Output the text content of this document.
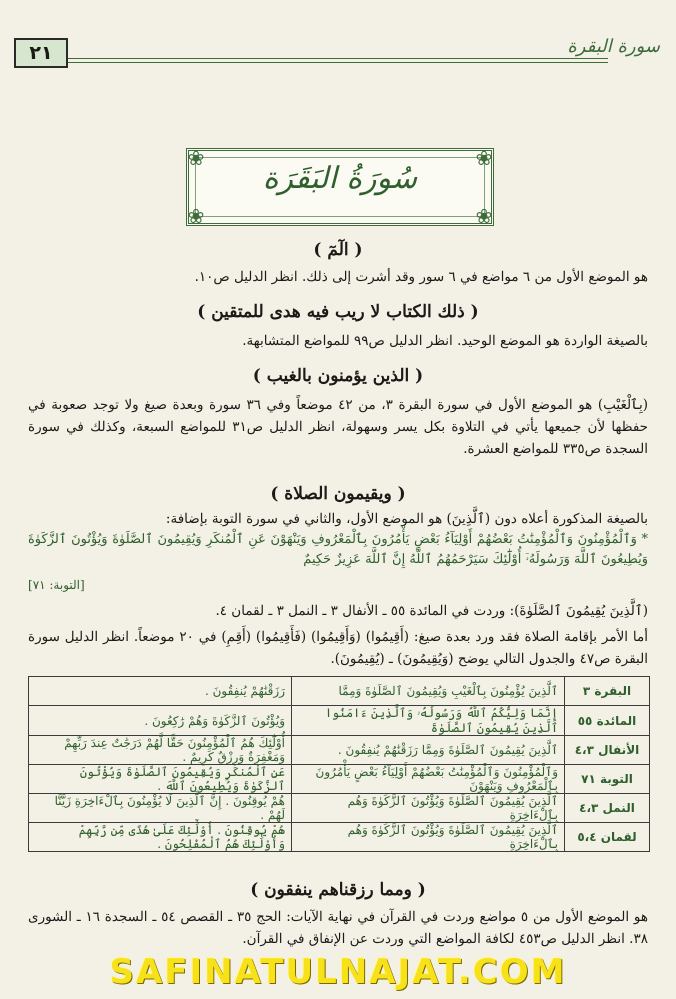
٢١	سورة البقرة
❀	❀
❀	❀
سُورَةُ البَقَرَة
( الٓمٓ )
هو الموضع الأول من ٦ مواضع في ٦ سور وقد أشرت إلى ذلك. انظر الدليل ص١٠.
( ذلك الكتاب لا ريب فيه هدى للمتقين )
بالصيغة الواردة هو الموضع الوحيد. انظر الدليل ص٩٩ للمواضع المتشابهة.
( الذين يؤمنون بالغيب )
(بِٱلْغَيْبِ) هو الموضع الأول في سورة البقرة ٣، من ٤٢ موضعاً وفي ٣٦ سورة وبعدة صيغ ولا توجد صعوبة في حفظها لأن جميعها يأتي في التلاوة بكل يسر وسهولة، انظر الدليل ص٣١ للمواضع السبعة، وكذلك في سورة السجدة ص٣٣٥ للمواضع العشرة.
( ويقيمون الصلاة )
بالصيغة المذكورة أعلاه دون (ٱلَّذِينَ) هو الموضع الأول، والثاني في سورة التوبة بإضافة:
* وَٱلْمُؤْمِنُونَ وَٱلْمُؤْمِنَٰتُ بَعْضُهُمْ أَوْلِيَآءُ بَعْضٍ يَأْمُرُونَ بِٱلْمَعْرُوفِ وَيَنْهَوْنَ عَنِ ٱلْمُنكَرِ وَيُقِيمُونَ ٱلصَّلَوٰةَ وَيُؤْتُونَ ٱلزَّكَوٰةَ وَيُطِيعُونَ ٱللَّهَ وَرَسُولَهُۥٓ أُوْلَٰٓئِكَ سَيَرْحَمُهُمُ ٱللَّهُ إِنَّ ٱللَّهَ عَزِيزٌ حَكِيمٌ
[التوبة: ٧١]
(ٱلَّذِينَ يُقِيمُونَ ٱلصَّلَوٰةَ): وردت في المائدة ٥٥ ـ الأنفال ٣ ـ النمل ٣ ـ لقمان ٤.
أما الأمر بإقامة الصلاة فقد ورد بعدة صيغ: (أَقِيمُوا) (وَأَقِيمُوا) (فَأَقِيمُوا) (أَقِمِ) في ٢٠ موضعاً. انظر الدليل سورة البقرة ص٤٧ والجدول التالي يوضح (وَيُقِيمُونَ) ـ (يُقِيمُونَ).
البقرة ٣	ٱلَّذِينَ يُؤْمِنُونَ بِٱلْغَيْبِ وَيُقِيمُونَ ٱلصَّلَوٰةَ وَمِمَّا	رَزَقْنَٰهُمْ يُنفِقُونَ .
المائدة ٥٥	إِنَّمَا وَلِيُّكُمُ ٱللَّهُ وَرَسُولُهُۥ وَٱلَّذِينَ ءَامَنُوا ٱلَّذِينَ يُقِيمُونَ ٱلصَّلَوٰةَ	وَيُؤْتُونَ ٱلزَّكَوٰةَ وَهُمْ رَٰكِعُونَ .
الأنفال ٤،٣	ٱلَّذِينَ يُقِيمُونَ ٱلصَّلَوٰةَ وَمِمَّا رَزَقْنَٰهُمْ يُنفِقُونَ .	أُوْلَٰٓئِكَ هُمُ ٱلْمُؤْمِنُونَ حَقًّا لَّهُمْ دَرَجَٰتٌ عِندَ رَبِّهِمْ وَمَغْفِرَةٌ وَرِزْقٌ كَرِيمٌ .
التوبة ٧١	وَٱلْمُؤْمِنُونَ وَٱلْمُؤْمِنَٰتُ بَعْضُهُمْ أَوْلِيَآءُ بَعْضٍ يَأْمُرُونَ بِٱلْمَعْرُوفِ وَيَنْهَوْنَ	عَنِ ٱلْمُنكَرِ وَيُقِيمُونَ ٱلصَّلَوٰةَ وَيُؤْتُونَ ٱلزَّكَوٰةَ وَيُطِيعُونَ ٱللَّهَ .
النمل ٤،٣	ٱلَّذِينَ يُقِيمُونَ ٱلصَّلَوٰةَ وَيُؤْتُونَ ٱلزَّكَوٰةَ وَهُم بِٱلْءَاخِرَةِ	هُمْ يُوقِنُونَ . إِنَّ ٱلَّذِينَ لَا يُؤْمِنُونَ بِٱلْءَاخِرَةِ زَيَّنَّا لَهُمْ .
لقمان ٥،٤	ٱلَّذِينَ يُقِيمُونَ ٱلصَّلَوٰةَ وَيُؤْتُونَ ٱلزَّكَوٰةَ وَهُم بِٱلْءَاخِرَةِ	هُمْ يُوقِنُونَ . أُوْلَٰٓئِكَ عَلَىٰ هُدًى مِّن رَّبِّهِمْ وَأُوْلَٰٓئِكَ هُمُ ٱلْمُفْلِحُونَ .
( ومما رزقناهم ينفقون )
هو الموضع الأول من ٥ مواضع وردت في القرآن في نهاية الآيات: الحج ٣٥ ـ القصص ٥٤ ـ السجدة ١٦ ـ الشورى ٣٨. انظر الدليل ص٤٥٣ لكافة المواضع التي وردت عن الإنفاق في القرآن.
SAFINATULNAJAT.COM
